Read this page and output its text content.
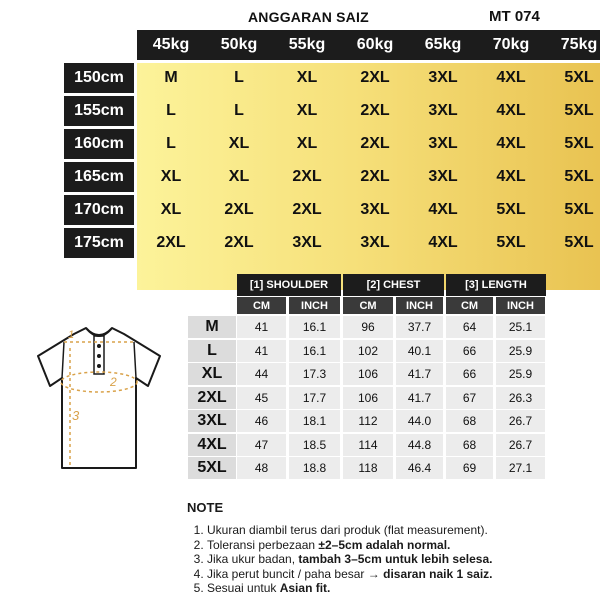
ANGGARAN SAIZ	MT 074
45kg	50kg	55kg	60kg	65kg	70kg	75kg
150cm	M	L	XL	2XL	3XL	4XL	5XL
155cm	L	L	XL	2XL	3XL	4XL	5XL
160cm	L	XL	XL	2XL	3XL	4XL	5XL
165cm	XL	XL	2XL	2XL	3XL	4XL	5XL
170cm	XL	2XL	2XL	3XL	4XL	5XL	5XL
175cm	2XL	2XL	3XL	3XL	4XL	5XL	5XL
[1] SHOULDER	[2] CHEST	[3] LENGTH
CM	INCH	CM	INCH	CM	INCH
M	41	16.1	96	37.7	64	25.1
L	41	16.1	102	40.1	66	25.9
XL	44	17.3	106	41.7	66	25.9
2XL	45	17.7	106	41.7	67	26.3
3XL	46	18.1	112	44.0	68	26.7
4XL	47	18.5	114	44.8	68	26.7
5XL	48	18.8	118	46.4	69	27.1
1
2
3
NOTE
1. Ukuran diambil terus dari produk (flat measurement).
2. Toleransi perbezaan ±2–5cm adalah normal.
3. Jika ukur badan, tambah 3–5cm untuk lebih selesa.
4. Jika perut buncit / paha besar → disaran naik 1 saiz.
5. Sesuai untuk Asian fit.
